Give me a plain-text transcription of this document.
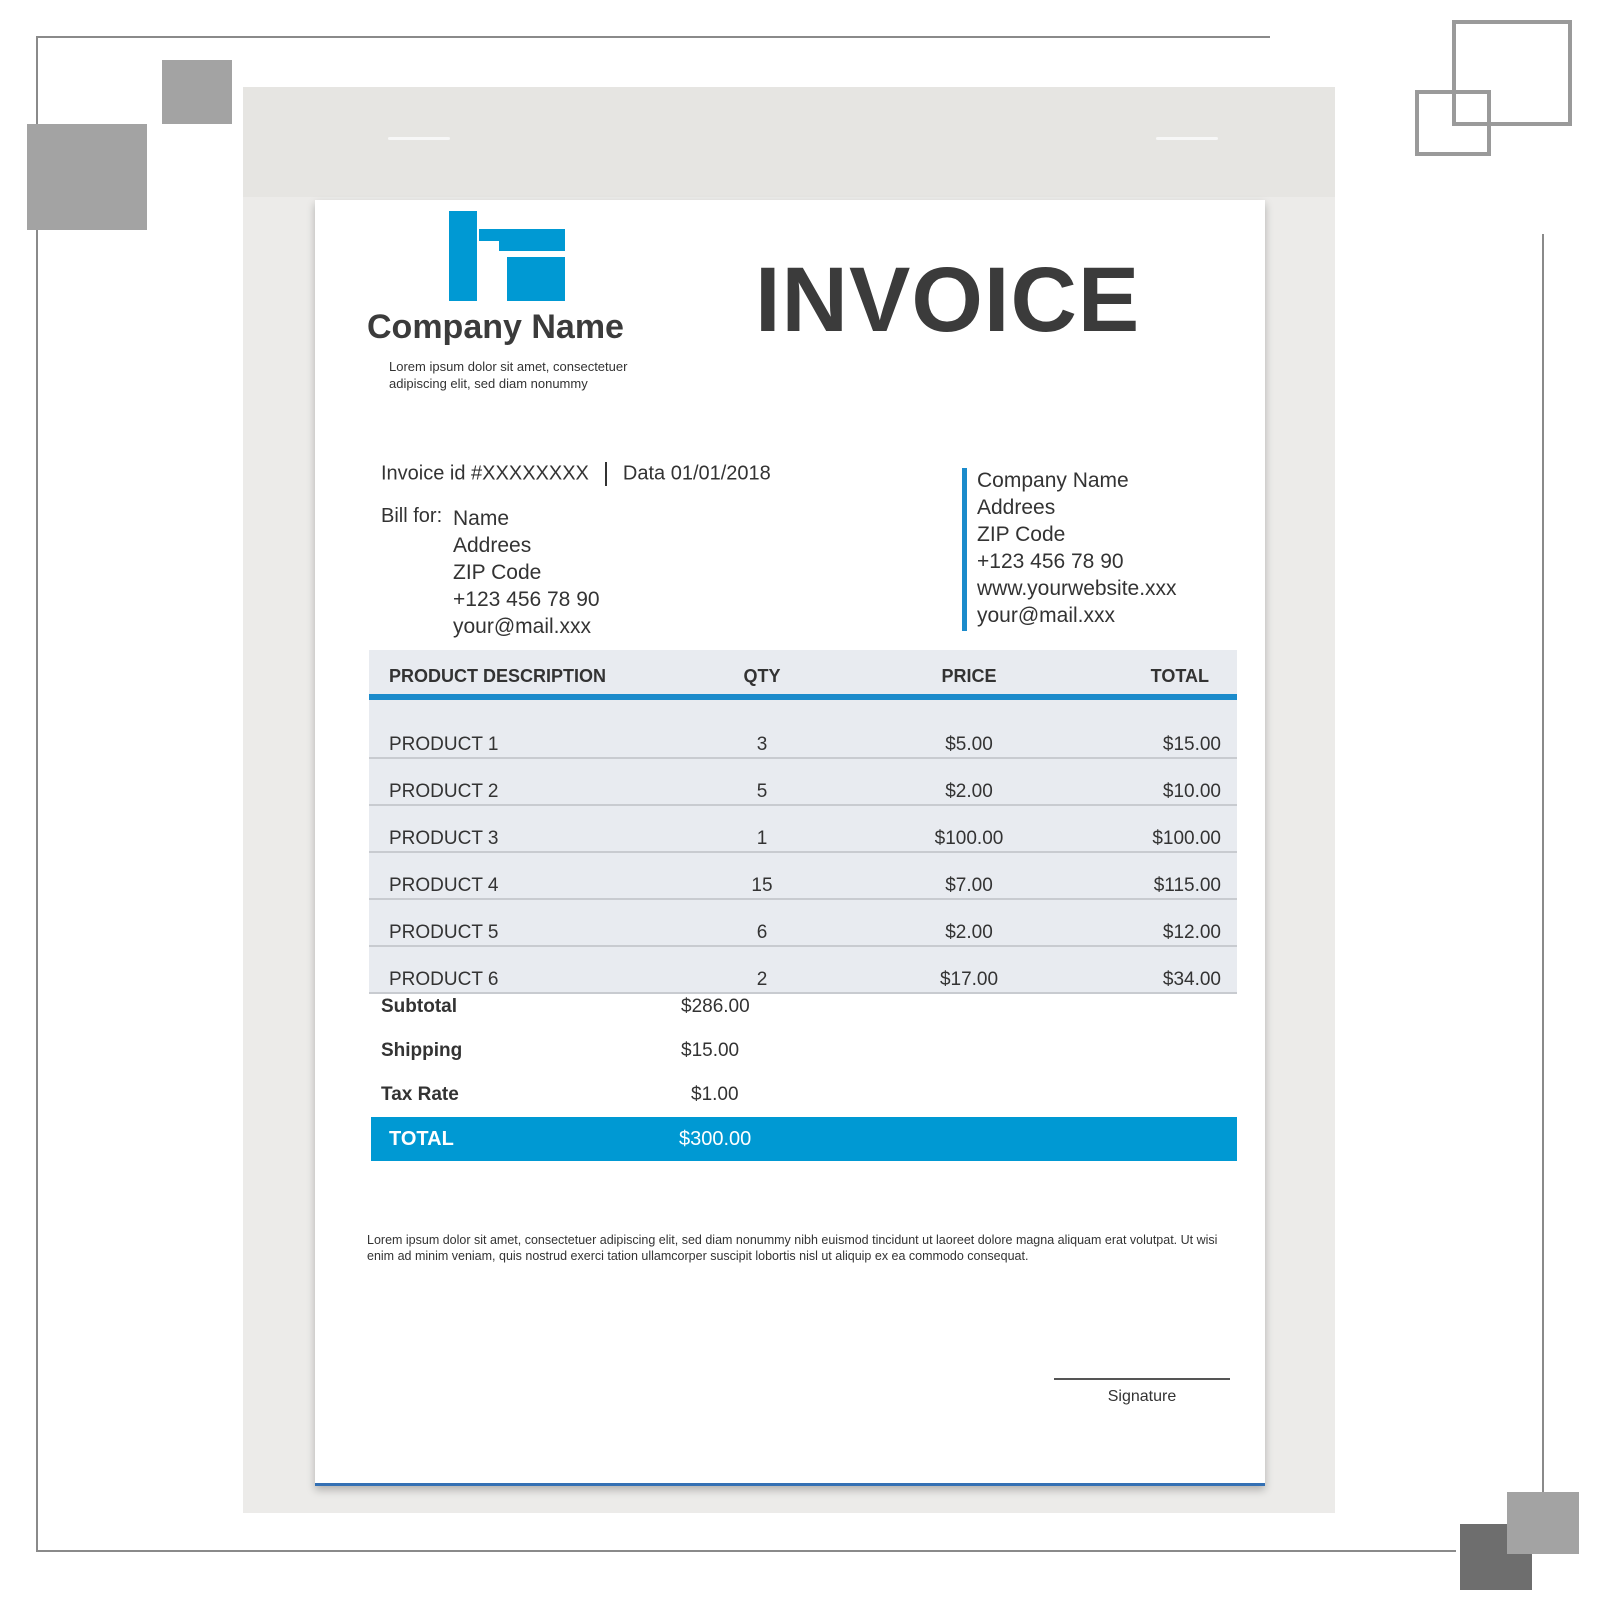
Company Name
Lorem ipsum dolor sit amet, consectetuer
adipiscing elit, sed diam nonummy
INVOICE
Invoice id #XXXXXXXX Data 01/01/2018
Bill for: Name
Addrees
ZIP Code
+123 456 78 90
your@mail.xxx
Company Name
Addrees
ZIP Code
+123 456 78 90
www.yourwebsite.xxx
your@mail.xxx
PRODUCT DESCRIPTION	QTY	PRICE	TOTAL
PRODUCT 1	3	$5.00	$15.00
PRODUCT 2	5	$2.00	$10.00
PRODUCT 3	1	$100.00	$100.00
PRODUCT 4	15	$7.00	$115.00
PRODUCT 5	6	$2.00	$12.00
PRODUCT 6	2	$17.00	$34.00
Subtotal	$286.00
Shipping	$15.00
Tax Rate	$1.00
TOTAL	$300.00
Lorem ipsum dolor sit amet, consectetuer adipiscing elit, sed diam nonummy nibh euismod tincidunt ut laoreet dolore magna aliquam erat volutpat. Ut wisi enim ad minim veniam, quis nostrud exerci tation ullamcorper suscipit lobortis nisl ut aliquip ex ea commodo consequat.
Signature
